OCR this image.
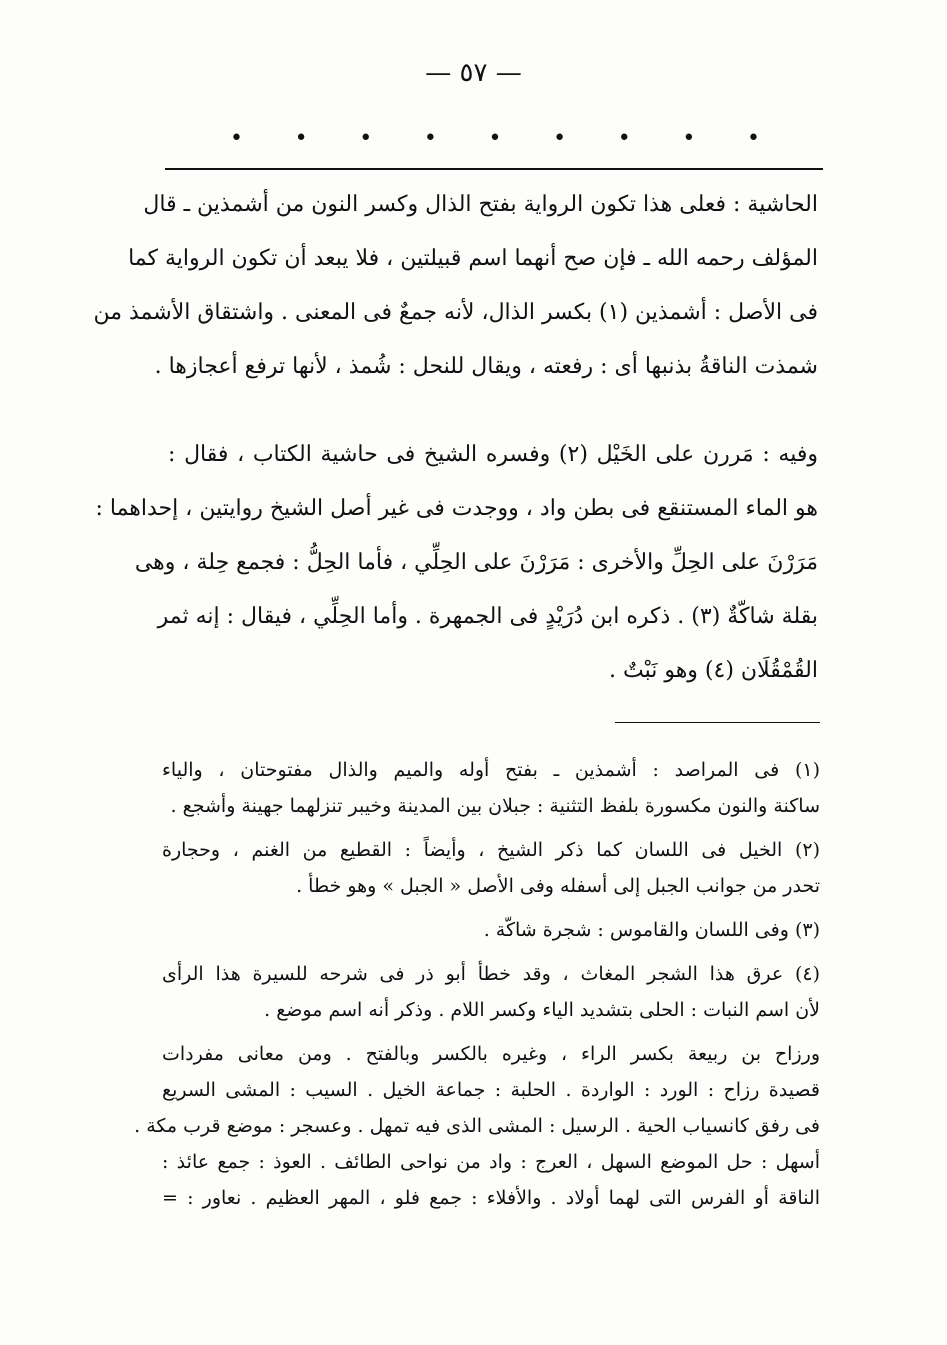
— ٥٧ —
• • • • • • • • •
الحاشية : فعلى هذا تكون الرواية بفتح الذال وكسر النون من أشمذين ـ قال
المؤلف رحمه الله ـ فإن صح أنهما اسم قبيلتين ، فلا يبعد أن تكون الرواية كما
فى الأصل : أشمذين (١) بكسر الذال، لأنه جمعٌ فى المعنى . واشتقاق الأشمذ من
شمذت الناقةُ بذنبها أى : رفعته ، ويقال للنحل : شُمذ ، لأنها ترفع أعجازها .
وفيه : مَررن على الخَيْل (٢) وفسره الشيخ فى حاشية الكتاب ، فقال :
هو الماء المستنقع فى بطن واد ، ووجدت فى غير أصل الشيخ روايتين ، إحداهما :
مَرَرْنَ على الحِلِّ والأخرى : مَرَرْنَ على الحِلِّي ، فأما الحِلُّ : فجمع حِلة ، وهى
بقلة شاكّةٌ (٣) . ذكره ابن دُرَيْدٍ فى الجمهرة . وأما الحِلِّي ، فيقال : إنه ثمر
القُمْقُلَان (٤) وهو نَبْتٌ .
(١) فى المراصد : أشمذين ـ بفتح أوله والميم والذال مفتوحتان ، والياء
ساكنة والنون مكسورة بلفظ التثنية : جبلان بين المدينة وخيبر تنزلهما جهينة وأشجع .
(٢) الخيل فى اللسان كما ذكر الشيخ ، وأيضاً : القطيع من الغنم ، وحجارة
تحدر من جوانب الجبل إلى أسفله وفى الأصل « الجبل » وهو خطأ .
(٣) وفى اللسان والقاموس : شجرة شاكّة .
(٤) عرق هذا الشجر المغاث ، وقد خطأ أبو ذر فى شرحه للسيرة هذا الرأى
لأن اسم النبات : الحلى بتشديد الياء وكسر اللام . وذكر أنه اسم موضع .
ورزاح بن ربيعة بكسر الراء ، وغيره بالكسر وبالفتح . ومن معانى مفردات
قصيدة رزاح : الورد : الواردة . الحلبة : جماعة الخيل . السيب : المشى السريع
فى رفق كانسياب الحية . الرسيل : المشى الذى فيه تمهل . وعسجر : موضع قرب مكة .
أسهل : حل الموضع السهل ، العرج : واد من نواحى الطائف . العوذ : جمع عائذ :
الناقة أو الفرس التى لهما أولاد . والأفلاء : جمع فلو ، المهر العظيم . نعاور : =
